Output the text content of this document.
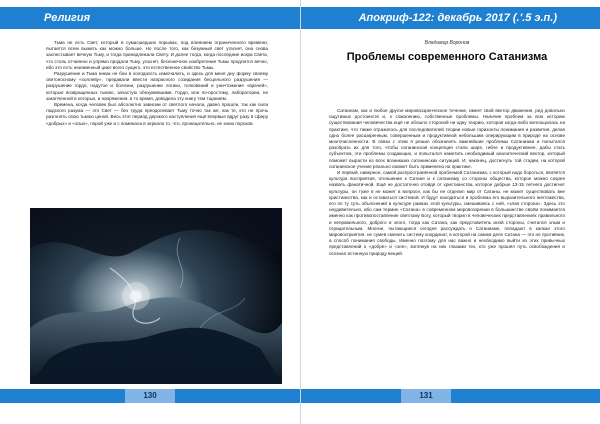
Религия

Тьма не есть Свет, который в сумасшедших порывах, под влиянием ограниченного времени, пытается всем выжить как можно больше. Но после того, как безумный свет угаснет, она снова захлестывает вечную Тьму, и тогда принадлежали Свету. И далее тогда, когда последние искра Света, что столь отчаянно и упрямо продали Тьму, угаснет, бесконечное изобретение Тьмы продлится вечно, ибо это есть неизменный цикл всего сущего, это естественное свойство Тьмы.

Разрушение и Тьма никак не бои в холодность измочалить, и здесь для меня дну форму своему светоносному «холлеву», предавали ввести напрасного созидания бесцельного разрушения — разрушение гордо, надутое и болезни, разрушение логики, толкований и уничтожение «врачей», которые возвращенных тьмою, зачастую обезумевшими. Гордо, или по-простому, лаборатории, не закопченной в которых, и напряжения, в то время, доводила эту книгу тем тщанием.

Времена, когда человек был абсолютно зависим от светлого начала, давно прошли, так как сила людского разума — это Свет — без труда преодолевает Тьму точно так же, как те, кто не прочь разгонять свою тьмою ценой. Весь этот период дерзкого наступления ещё впервые вдруг разу в сферу «добрых» и «злых», порой уже и с поминала в зеркала то, что, проницательно, не знаю пороков.

130
Апокриф-122: декабрь 2017 (.'.5 э.п.)
Владимир Воронов
Проблемы современного Сатанизма

Сатанизм, как и любое другое мировоззренческое течение, имеет свой вектор движения, ряд довольно ощутимых достоинств и, к сожалению, собственные проблемы. Наличие проблем за всю историю существования человечества ещё не обошло стороной ни одну теорию, которая когда-либо воплощалась на практике, что также отразилось для последователей теории новые горизонты понимания и развития, делая одно более расширенным, совершенным и продуктивной небольшим оперирующим в природе на основе многочисленности. В связи с этим я решил обозначить важнейшие проблемы Сатанизма и попытался разобрать их для того, чтобы сатанинская концепция стала шире, гибче и продуктивнее, дабы стать субъектом, эти проблемы создающих, и попытался наметить необходимый аналитический вектор, который поможет вырасти из всех возникших сатанинских ситуаций. И, наконец, достигнуть той стадии, на которой сатанинское учение реально сможет быть применено на практике.

И первый, наверное, самой распространённой проблемой Сатанизма, с который надо бороться, является культура восприятия, отношение к Сатане и к сатанизму со стороны общества, которое можно скорее назвать фанатичной. Ещё не достаточно отойдя от христианства, которое добрые 13-15 летнего достигнет культуры, он туже в не может в вопросе, как бы не отделил мир от Сатаны, не может существовать вне христианства, как и оставаться системой. И будут находиться и проблема его выразительного ничтожества, его по ту суть объяснений в культуре рамках этой культуры, смешиваясь с ней, «злая сторона». Здесь это неудивительно, ибо сам термин «Сатана» в современном мировоззрении в большинстве своём понимается именно как противопоставление светлому Богу, который творил в человеческих представлениях правильного и неправильного, доброго и злого, тогда как Сатана, как представитель иной стороны, считался злым и отрицательным. Многие, пытающиеся сегодня рассуждать о Сатанизме, попадают в капкан этого мировосприятия, не сумев сменить систему координат, в которой на самом деле Сатана — это не противник, а способ понимания свободы. Именно поэтому для нас важно и необходимо выйти из этих привычных представлений о «добре» и «зле», взглянув на них глазами тех, кто уже прошёл путь освобождения и осознал истинную природу вещей.

131
